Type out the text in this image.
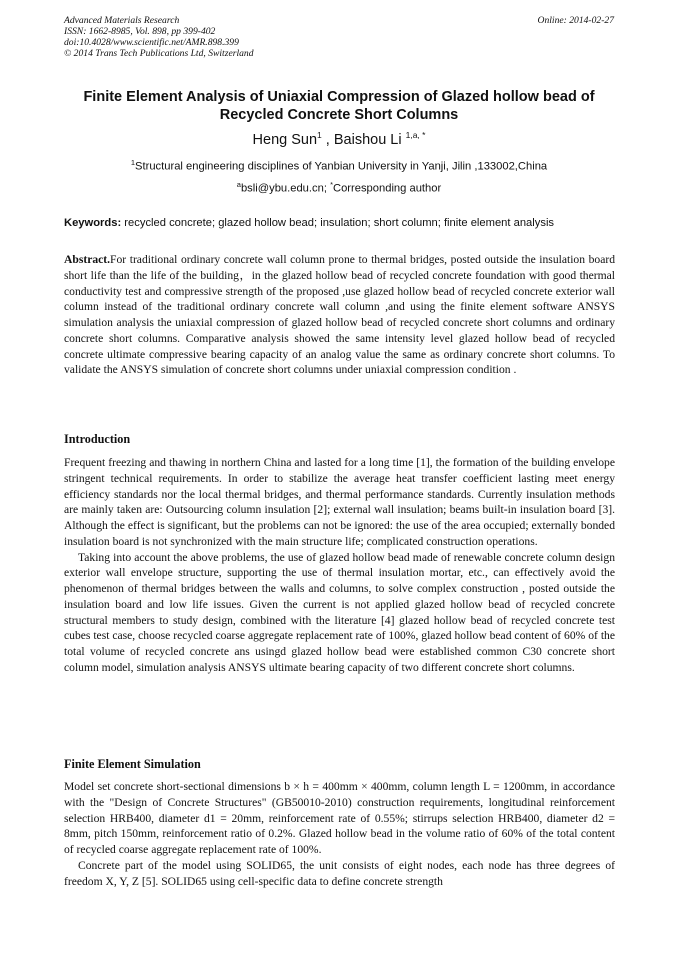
Advanced Materials Research
ISSN: 1662-8985, Vol. 898, pp 399-402
doi:10.4028/www.scientific.net/AMR.898.399
© 2014 Trans Tech Publications Ltd, Switzerland
Online: 2014-02-27
Finite Element Analysis of Uniaxial Compression of Glazed hollow bead of Recycled Concrete Short Columns
Heng Sun$^1$ , Baishou Li $^{1,a, *}$
$^1$Structural engineering disciplines of Yanbian University in Yanji, Jilin ,133002,China
$^a$bsli@ybu.edu.cn; *Corresponding author
Keywords: recycled concrete; glazed hollow bead; insulation; short column; finite element analysis

Abstract.For traditional ordinary concrete wall column prone to thermal bridges, posted outside the insulation board short life than the life of the building，in the glazed hollow bead of recycled concrete foundation with good thermal conductivity test and compressive strength of the proposed ,use glazed hollow bead of recycled concrete exterior wall column instead of the traditional ordinary concrete wall column ,and using the finite element software ANSYS simulation analysis the uniaxial compression of glazed hollow bead of recycled concrete short columns and ordinary concrete short columns. Comparative analysis showed the same intensity level glazed hollow bead of recycled concrete ultimate compressive bearing capacity of an analog value the same as ordinary concrete short columns. To validate the ANSYS simulation of concrete short columns under uniaxial compression condition .

Introduction

Frequent freezing and thawing in northern China and lasted for a long time [1], the formation of the building envelope stringent technical requirements. In order to stabilize the average heat transfer coefficient lasting meet energy efficiency standards nor the local thermal bridges, and thermal performance standards. Currently insulation methods are mainly taken are: Outsourcing column insulation [2]; external wall insulation; beams built-in insulation board [3]. Although the effect is significant, but the problems can not be ignored: the use of the area occupied; externally bonded insulation board is not synchronized with the main structure life; complicated construction operations.

Taking into account the above problems, the use of glazed hollow bead made of renewable concrete column design exterior wall envelope structure, supporting the use of thermal insulation mortar, etc., can effectively avoid the phenomenon of thermal bridges between the walls and columns, to solve complex construction , posted outside the insulation board and low life issues. Given the current is not applied glazed hollow bead of recycled concrete structural members to study design, combined with the literature [4] glazed hollow bead of recycled concrete test cubes test case, choose recycled coarse aggregate replacement rate of 100%, glazed hollow bead content of 60% of the total volume of recycled concrete ans usingd glazed hollow bead were established common C30 concrete short column model, simulation analysis ANSYS ultimate bearing capacity of two different concrete short columns.

Finite Element Simulation

Model set concrete short-sectional dimensions b × h = 400mm × 400mm, column length L = 1200mm, in accordance with the "Design of Concrete Structures" (GB50010-2010) construction requirements, longitudinal reinforcement selection HRB400, diameter d1 = 20mm, reinforcement rate of 0.55%; stirrups selection HRB400, diameter d2 = 8mm, pitch 150mm, reinforcement ratio of 0.2%. Glazed hollow bead in the volume ratio of 60% of the total content of recycled coarse aggregate replacement rate of 100%.

Concrete part of the model using SOLID65, the unit consists of eight nodes, each node has three degrees of freedom X, Y, Z [5]. SOLID65 using cell-specific data to define concrete strength
